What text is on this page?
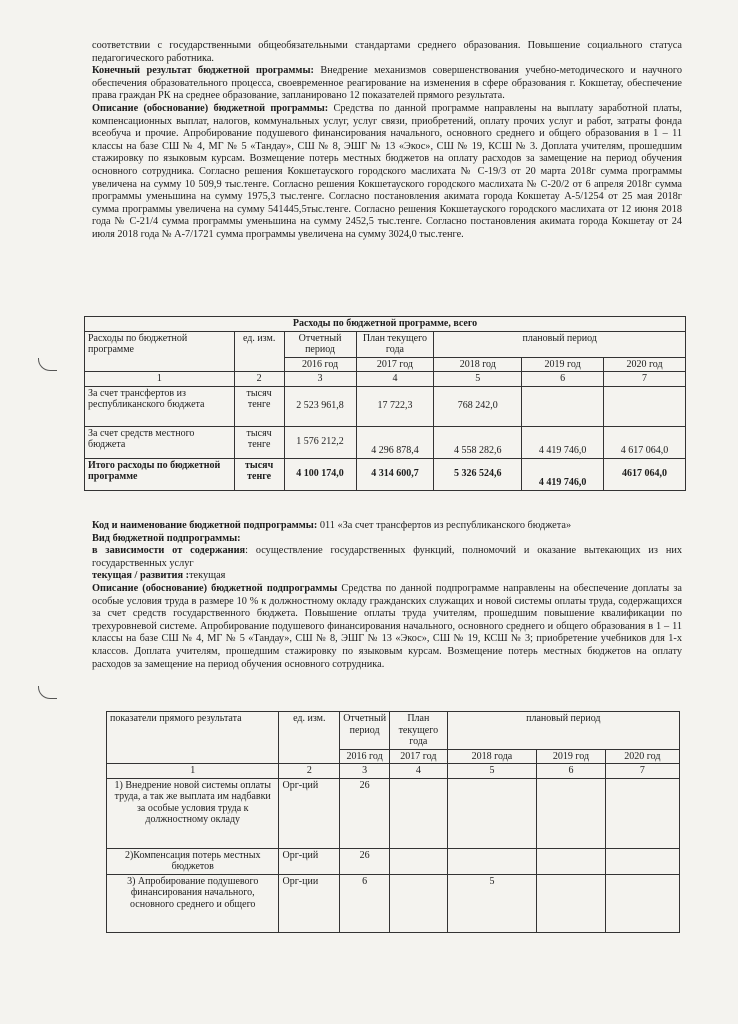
соответствии с государственными общеобязательными стандартами среднего образования. Повышение социального статуса педагогического работника.

Конечный результат бюджетной программы: Внедрение механизмов совершенствования учебно-методического и научного обеспечения образовательного процесса, своевременное реагирование на изменения в сфере образования г. Кокшетау, обеспечение права граждан РК на среднее образование, запланировано 12 показателей прямого результата.

Описание (обоснование) бюджетной программы: Средства по данной программе направлены на выплату заработной платы, компенсационных выплат, налогов, коммунальных услуг, услуг связи, приобретений, оплату прочих услуг и работ, затраты фонда всеобуча и прочие. Апробирование подушевого финансирования начального, основного среднего и общего образования в 1 – 11 классы на базе СШ № 4, МГ № 5 «Тандау», СШ № 8, ЭШГ № 13 «Экос», СШ № 19, КСШ № 3. Доплата учителям, прошедшим стажировку по языковым курсам. Возмещение потерь местных бюджетов на оплату расходов за замещение на период обучения основного сотрудника. Согласно решения Кокшетауского городского маслихата № С-19/3 от 20 марта 2018г сумма программы увеличена на сумму 10 509,9 тыс.тенге. Согласно решения Кокшетауского городского маслихата № С-20/2 от 6 апреля 2018г сумма программы уменьшина на сумму 1975,3 тыс.тенге. Согласно постановления акимата города Кокшетау А-5/1254 от 25 мая 2018г сумма программы увеличена на сумму 541445,5тыс.тенге. Согласно решения Кокшетауского городского маслихата от 12 июня 2018 года № С-21/4 сумма программы уменьшина на сумму 2452,5 тыс.тенге. Согласно постановления акимата города Кокшетау от 24 июля 2018 года № А-7/1721 сумма программы увеличена на сумму 3024,0 тыс.тенге.

Расходы по бюджетной программе, всего						
Расходы по бюджетной программе	ед. изм.	Отчетный период	План текущего года	плановый период		
		2016 год	2017 год	2018 год	2019 год	2020 год
1	2	3	4	5	6	7
За счет трансфертов из республиканского бюджета	тысяч тенге	2 523 961,8	17 722,3	768 242,0		
За счет средств местного бюджета	тысяч тенге	1 576 212,2	4 296 878,4	4 558 282,6	4 419 746,0	4 617 064,0
Итого расходы по бюджетной программе	тысяч тенге	4 100 174,0	4 314 600,7	5 326 524,6	4 419 746,0	4617 064,0

Код и наименование бюджетной подпрограммы: 011 «За счет трансфертов из республиканского бюджета»

Вид бюджетной подпрограммы:

в зависимости от содержания: осуществление государственных функций, полномочий и оказание вытекающих из них государственных услуг

текущая / развития :текущая

Описание (обоснование) бюджетной подпрограммы Средства по данной подпрограмме направлены на обеспечение доплаты за особые условия труда в размере 10 % к должностному окладу гражданских служащих и новой системы оплаты труда, содержащихся за счет средств государственного бюджета. Повышение оплаты труда учителям, прошедшим повышение квалификации по трехуровневой системе. Апробирование подушевого финансирования начального, основного среднего и общего образования в 1 – 11 классы на базе СШ № 4, МГ № 5 «Тандау», СШ № 8, ЭШГ № 13 «Экос», СШ № 19, КСШ № 3; приобретение учебников для 1-х классов. Доплата учителям, прошедшим стажировку по языковым курсам. Возмещение потерь местных бюджетов на оплату расходов за замещение на период обучения основного сотрудника.

показатели прямого результата	ед. изм.	Отчетный период	План текущего года	плановый период		
		2016 год	2017 год	2018 года	2019 год	2020 год
1	2	3	4	5	6	7
1) Внедрение новой системы оплаты труда, а так же выплата им надбавки за особые условия труда к должностному окладу	Орг-ций	26				
2)Компенсация потерь местных бюджетов	Орг-ций	26				
3) Апробирование подушевого финансирования начального, основного среднего и общего	Орг-ции	6		5		
